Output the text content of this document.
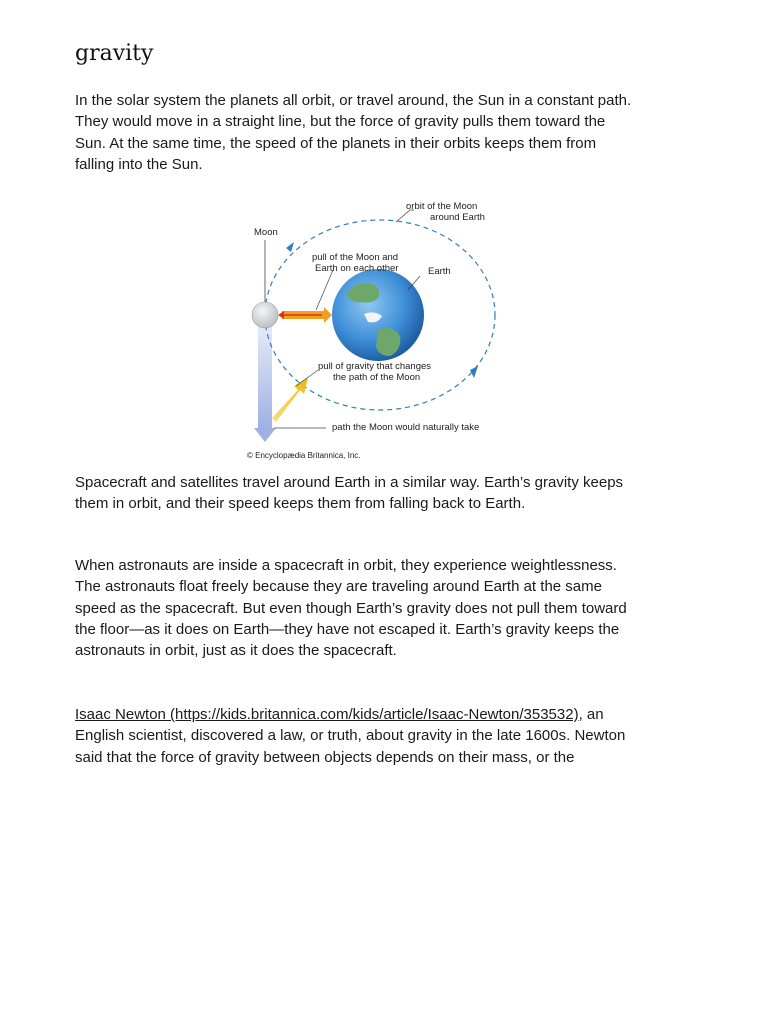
gravity

In the solar system the planets all orbit, or travel around, the Sun in a constant path. They would move in a straight line, but the force of gravity pulls them toward the Sun. At the same time, the speed of the planets in their orbits keeps them from falling into the Sun.

orbit of the Moon
around Earth
Moon
pull of the Moon and
Earth on each other	Earth
pull of gravity that changes
the path of the Moon
path the Moon would naturally take
© Encyclopædia Britannica, Inc.

Spacecraft and satellites travel around Earth in a similar way. Earth’s gravity keeps them in orbit, and their speed keeps them from falling back to Earth.

When astronauts are inside a spacecraft in orbit, they experience weightlessness. The astronauts float freely because they are traveling around Earth at the same speed as the spacecraft. But even though Earth’s gravity does not pull them toward the floor—as it does on Earth—they have not escaped it. Earth’s gravity keeps the astronauts in orbit, just as it does the spacecraft.

Isaac Newton (https://kids.britannica.com/kids/article/Isaac-Newton/353532), an English scientist, discovered a law, or truth, about gravity in the late 1600s. Newton said that the force of gravity between objects depends on their mass, or the
